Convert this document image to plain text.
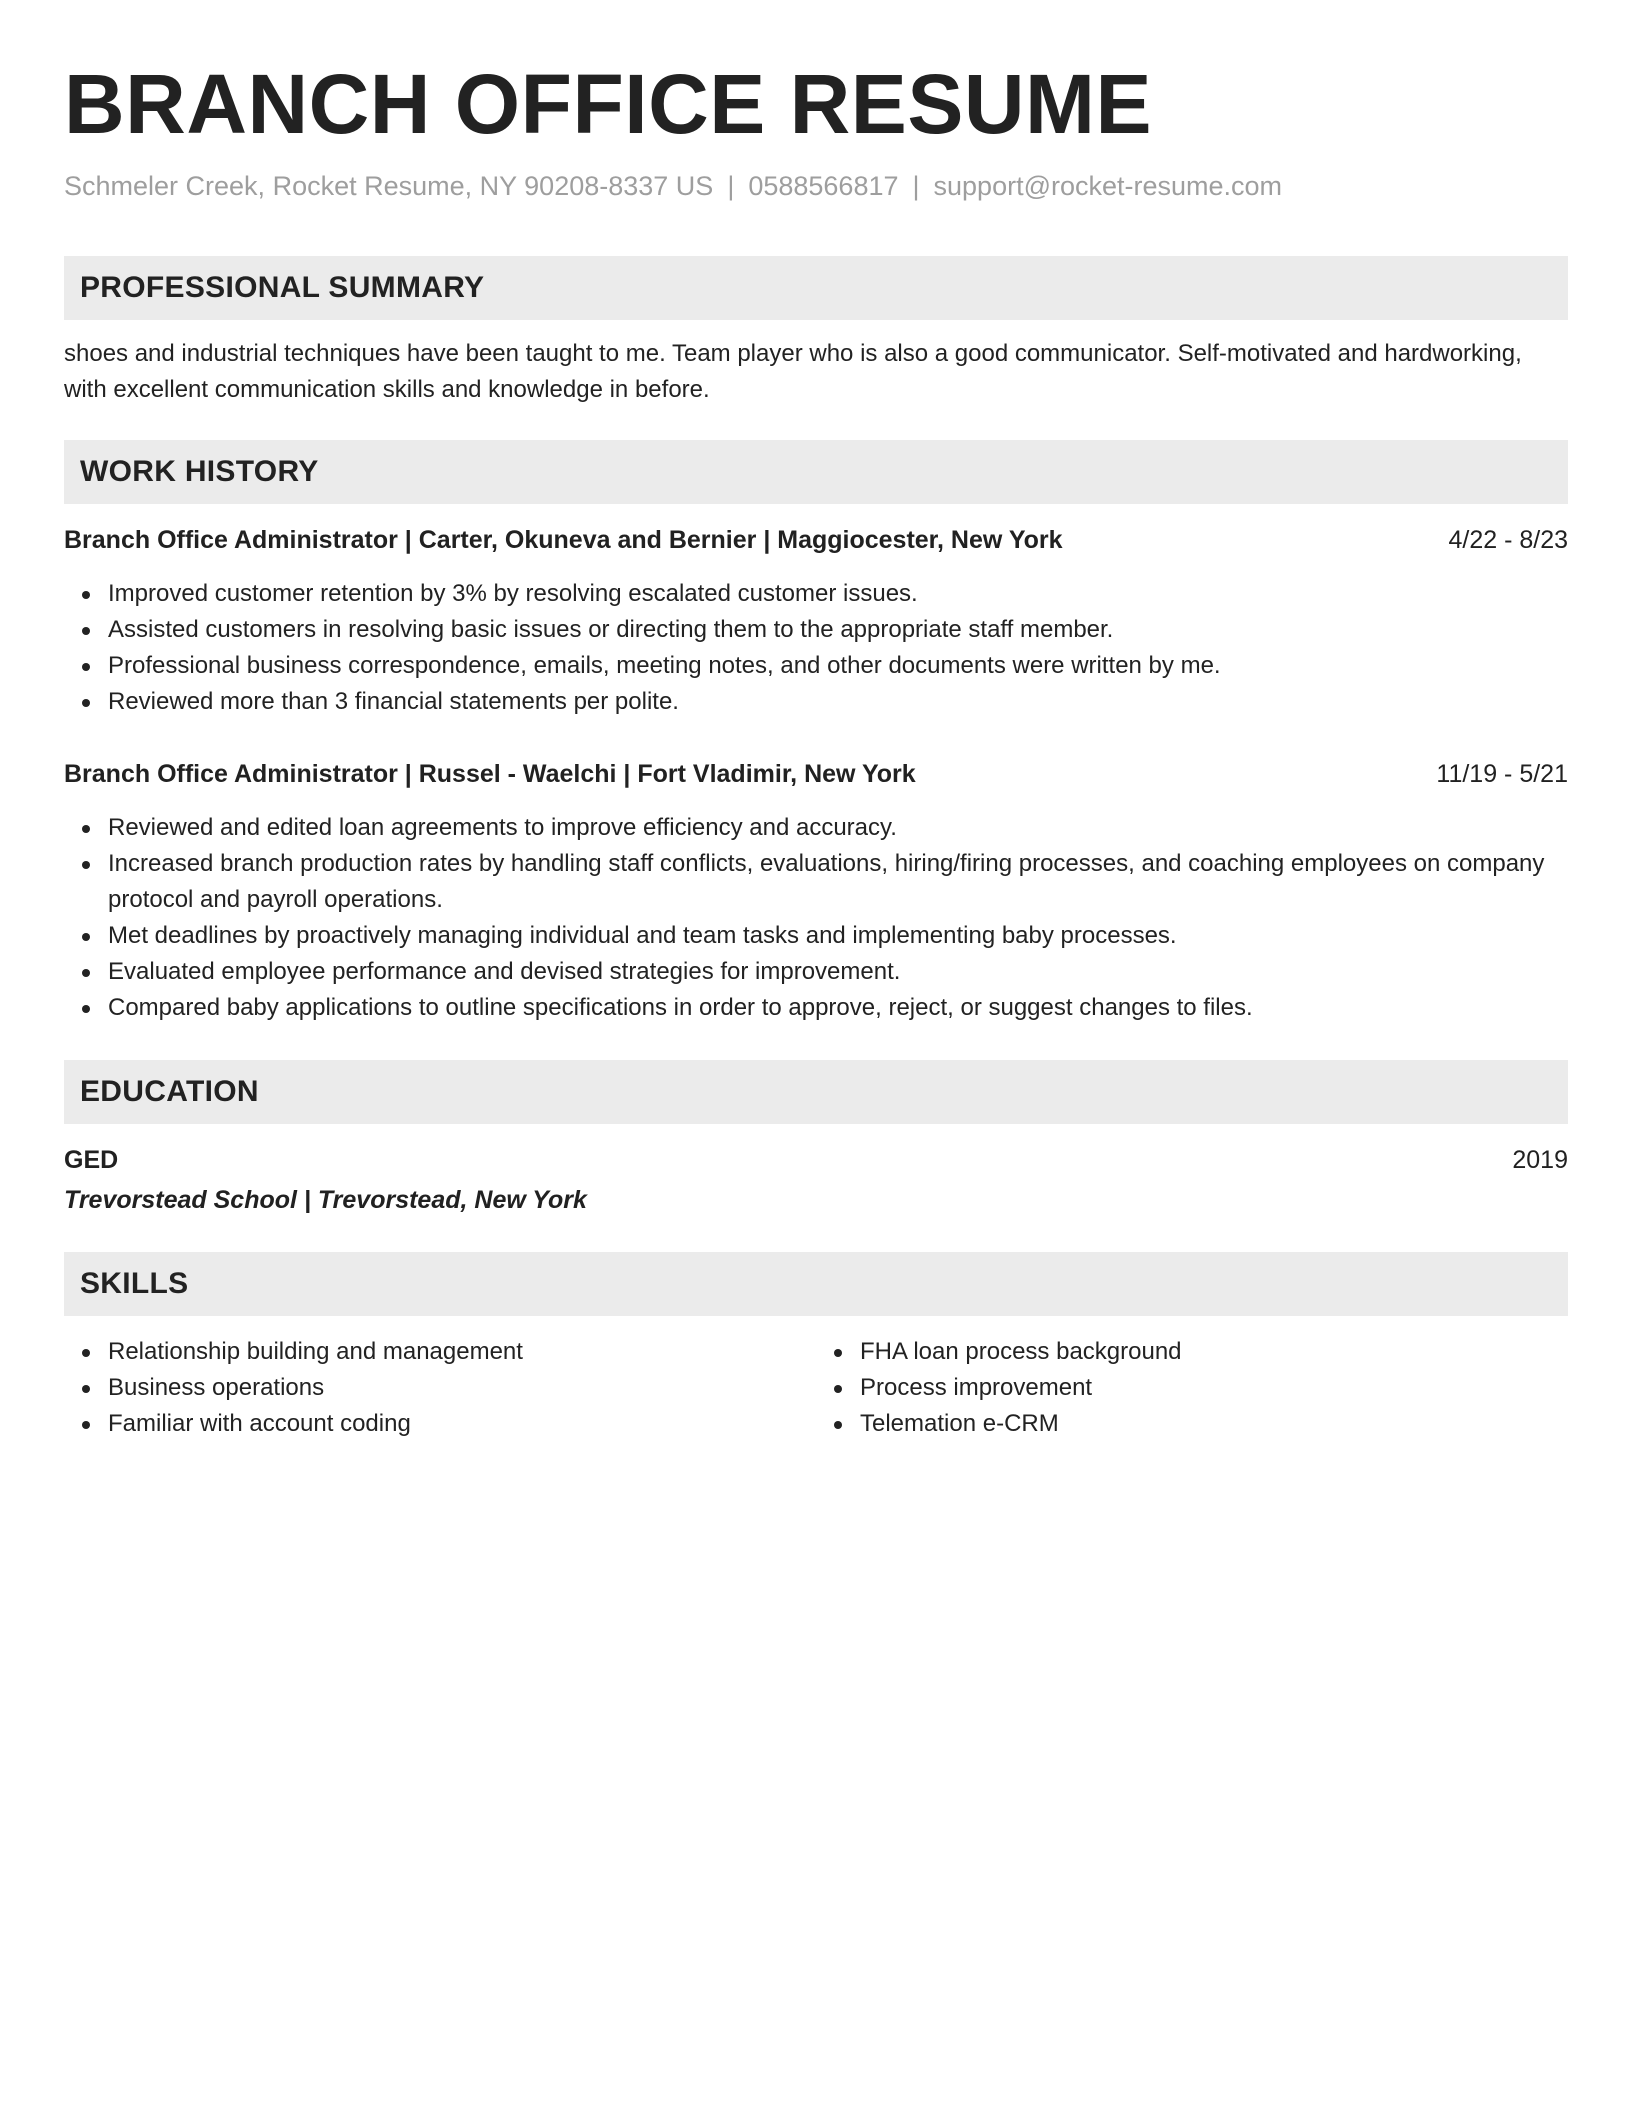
BRANCH OFFICE RESUME
Schmeler Creek, Rocket Resume, NY 90208-8337 US | 0588566817 | support@rocket-resume.com
PROFESSIONAL SUMMARY
shoes and industrial techniques have been taught to me. Team player who is also a good communicator. Self-motivated and hardworking, with excellent communication skills and knowledge in before.
WORK HISTORY
Branch Office Administrator | Carter, Okuneva and Bernier | Maggiocester, New York	4/22 - 8/23
Improved customer retention by 3% by resolving escalated customer issues.
Assisted customers in resolving basic issues or directing them to the appropriate staff member.
Professional business correspondence, emails, meeting notes, and other documents were written by me.
Reviewed more than 3 financial statements per polite.
Branch Office Administrator | Russel - Waelchi | Fort Vladimir, New York	11/19 - 5/21
Reviewed and edited loan agreements to improve efficiency and accuracy.
Increased branch production rates by handling staff conflicts, evaluations, hiring/firing processes, and coaching employees on company protocol and payroll operations.
Met deadlines by proactively managing individual and team tasks and implementing baby processes.
Evaluated employee performance and devised strategies for improvement.
Compared baby applications to outline specifications in order to approve, reject, or suggest changes to files.
EDUCATION
GED	2019
Trevorstead School | Trevorstead, New York
SKILLS
Relationship building and management
Business operations
Familiar with account coding
FHA loan process background
Process improvement
Telemation e-CRM
